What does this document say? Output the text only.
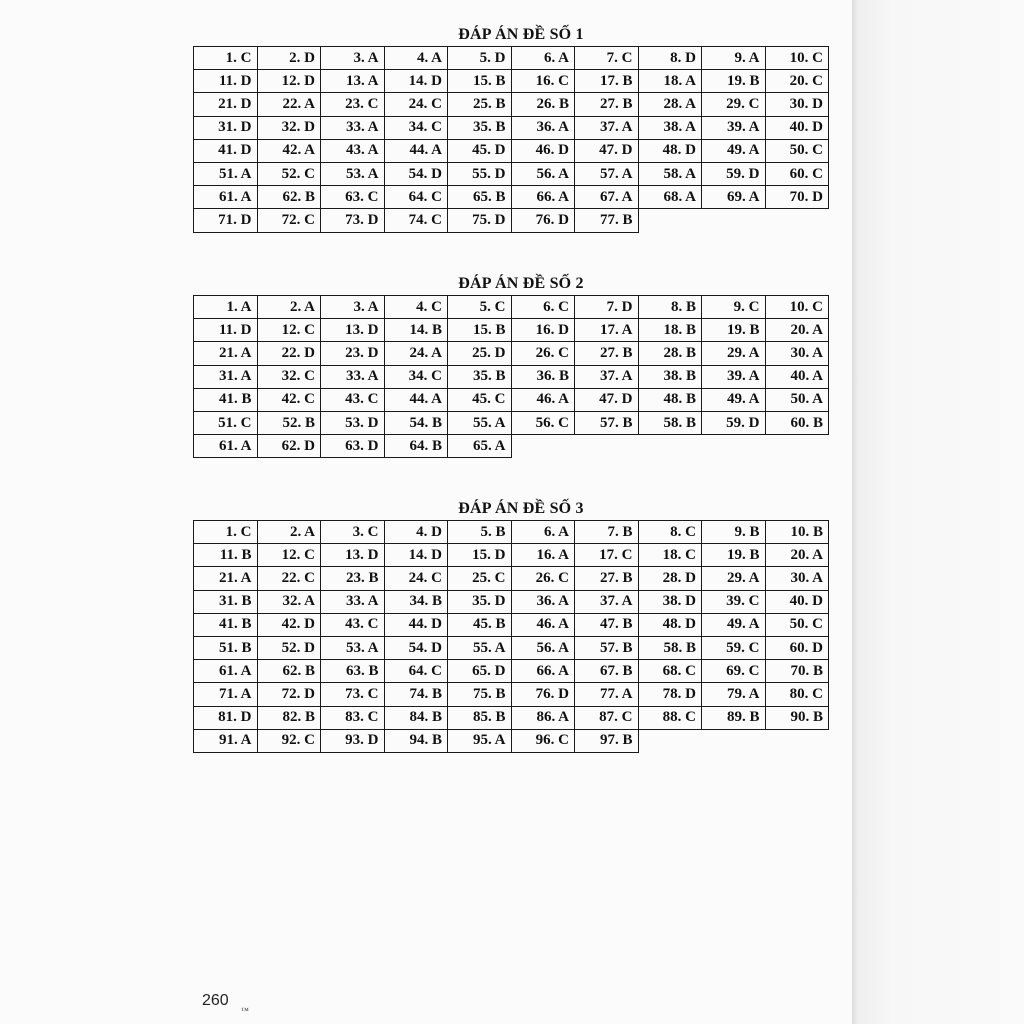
ĐÁP ÁN ĐỀ SỐ 1
1. C	2. D	3. A	4. A	5. D	6. A	7. C	8. D	9. A	10. C
11. D	12. D	13. A	14. D	15. B	16. C	17. B	18. A	19. B	20. C
21. D	22. A	23. C	24. C	25. B	26. B	27. B	28. A	29. C	30. D
31. D	32. D	33. A	34. C	35. B	36. A	37. A	38. A	39. A	40. D
41. D	42. A	43. A	44. A	45. D	46. D	47. D	48. D	49. A	50. C
51. A	52. C	53. A	54. D	55. D	56. A	57. A	58. A	59. D	60. C
61. A	62. B	63. C	64. C	65. B	66. A	67. A	68. A	69. A	70. D
71. D	72. C	73. D	74. C	75. D	76. D	77. B			
ĐÁP ÁN ĐỀ SỐ 2
1. A	2. A	3. A	4. C	5. C	6. C	7. D	8. B	9. C	10. C
11. D	12. C	13. D	14. B	15. B	16. D	17. A	18. B	19. B	20. A
21. A	22. D	23. D	24. A	25. D	26. C	27. B	28. B	29. A	30. A
31. A	32. C	33. A	34. C	35. B	36. B	37. A	38. B	39. A	40. A
41. B	42. C	43. C	44. A	45. C	46. A	47. D	48. B	49. A	50. A
51. C	52. B	53. D	54. B	55. A	56. C	57. B	58. B	59. D	60. B
61. A	62. D	63. D	64. B	65. A					
ĐÁP ÁN ĐỀ SỐ 3
1. C	2. A	3. C	4. D	5. B	6. A	7. B	8. C	9. B	10. B
11. B	12. C	13. D	14. D	15. D	16. A	17. C	18. C	19. B	20. A
21. A	22. C	23. B	24. C	25. C	26. C	27. B	28. D	29. A	30. A
31. B	32. A	33. A	34. B	35. D	36. A	37. A	38. D	39. C	40. D
41. B	42. D	43. C	44. D	45. B	46. A	47. B	48. D	49. A	50. C
51. B	52. D	53. A	54. D	55. A	56. A	57. B	58. B	59. C	60. D
61. A	62. B	63. B	64. C	65. D	66. A	67. B	68. C	69. C	70. B
71. A	72. D	73. C	74. B	75. B	76. D	77. A	78. D	79. A	80. C
81. D	82. B	83. C	84. B	85. B	86. A	87. C	88. C	89. B	90. B
91. A	92. C	93. D	94. B	95. A	96. C	97. B			
260
™
